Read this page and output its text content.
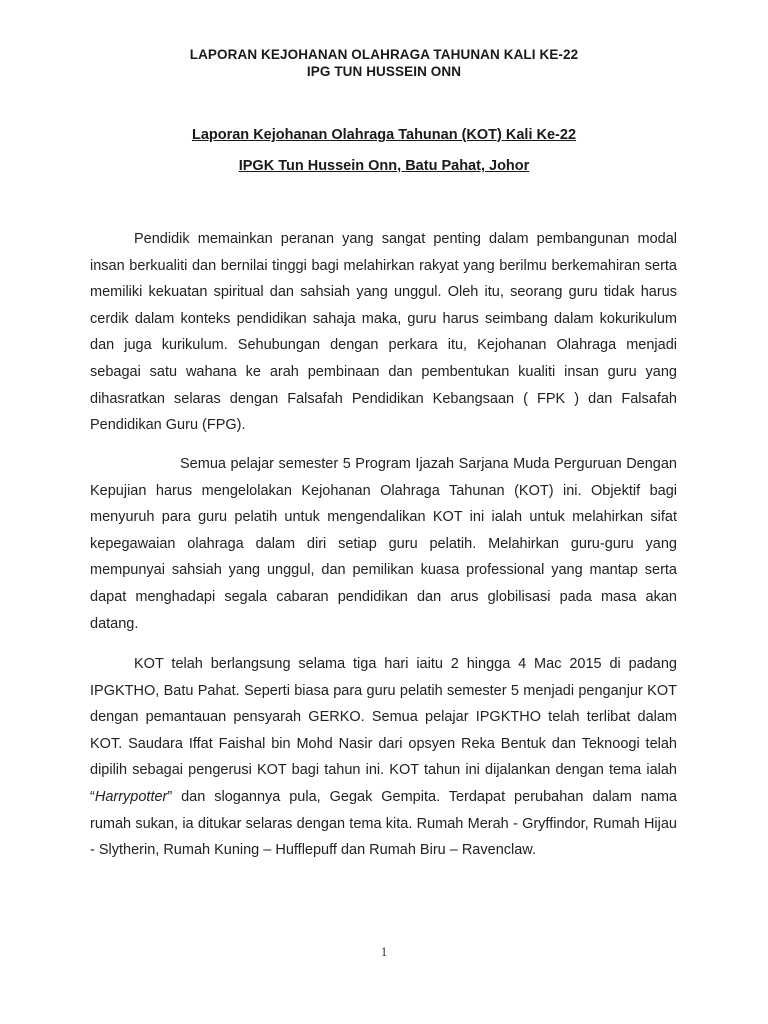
LAPORAN KEJOHANAN OLAHRAGA TAHUNAN KALI KE-22
IPG TUN HUSSEIN ONN
Laporan Kejohanan Olahraga Tahunan (KOT) Kali Ke-22
IPGK Tun Hussein Onn, Batu Pahat, Johor

Pendidik memainkan peranan yang sangat penting dalam pembangunan modal insan berkualiti dan bernilai tinggi bagi melahirkan rakyat yang berilmu berkemahiran serta memiliki kekuatan spiritual dan sahsiah yang unggul. Oleh itu, seorang guru tidak harus cerdik dalam konteks pendidikan sahaja maka, guru harus seimbang dalam kokurikulum dan juga kurikulum. Sehubungan dengan perkara itu, Kejohanan Olahraga menjadi sebagai satu wahana ke arah pembinaan dan pembentukan kualiti insan guru yang dihasratkan selaras dengan Falsafah Pendidikan Kebangsaan ( FPK ) dan Falsafah Pendidikan Guru (FPG).

Semua pelajar semester 5 Program Ijazah Sarjana Muda Perguruan Dengan Kepujian harus mengelolakan Kejohanan Olahraga Tahunan (KOT) ini. Objektif bagi menyuruh para guru pelatih untuk mengendalikan KOT ini ialah untuk melahirkan sifat kepegawaian olahraga dalam diri setiap guru pelatih. Melahirkan guru-guru yang mempunyai sahsiah yang unggul, dan pemilikan kuasa professional yang mantap serta dapat menghadapi segala cabaran pendidikan dan arus globilisasi pada masa akan datang.

KOT telah berlangsung selama tiga hari iaitu 2 hingga 4 Mac 2015 di padang IPGKTHO, Batu Pahat. Seperti biasa para guru pelatih semester 5 menjadi penganjur KOT dengan pemantauan pensyarah GERKO. Semua pelajar IPGKTHO telah terlibat dalam KOT. Saudara Iffat Faishal bin Mohd Nasir dari opsyen Reka Bentuk dan Teknoogi telah dipilih sebagai pengerusi KOT bagi tahun ini. KOT tahun ini dijalankan dengan tema ialah “Harrypotter” dan slogannya pula, Gegak Gempita. Terdapat perubahan dalam nama rumah sukan, ia ditukar selaras dengan tema kita. Rumah Merah - Gryffindor, Rumah Hijau - Slytherin, Rumah Kuning – Hufflepuff dan Rumah Biru – Ravenclaw.

1
